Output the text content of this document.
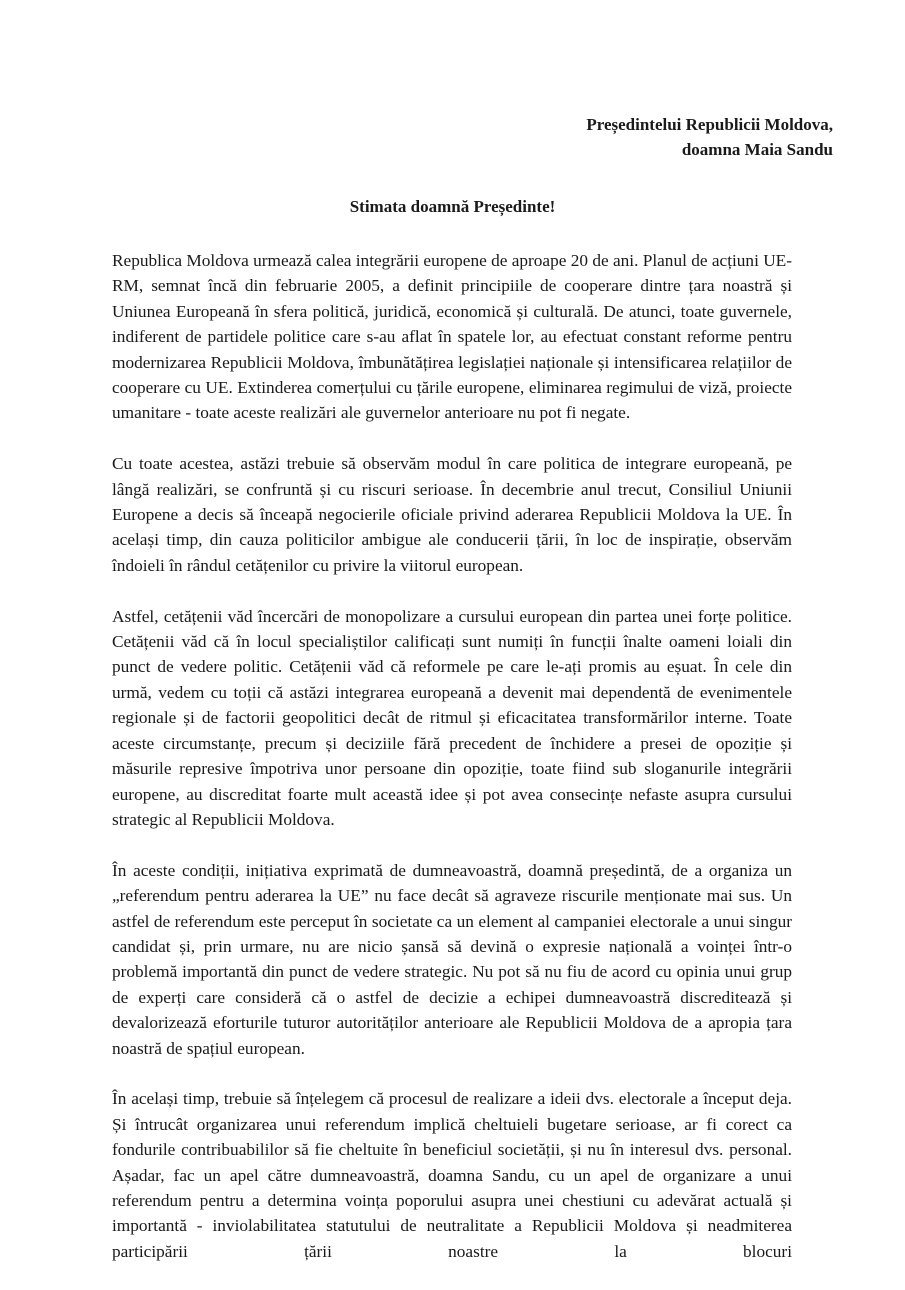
Președintelui Republicii Moldova,
doamna Maia Sandu
Stimata doamnă Președinte!

Republica Moldova urmează calea integrării europene de aproape 20 de ani. Planul de acțiuni UE-RM, semnat încă din februarie 2005, a definit principiile de cooperare dintre țara noastră și Uniunea Europeană în sfera politică, juridică, economică și culturală. De atunci, toate guvernele, indiferent de partidele politice care s-au aflat în spatele lor, au efectuat constant reforme pentru modernizarea Republicii Moldova, îmbunătățirea legislației naționale și intensificarea relațiilor de cooperare cu UE. Extinderea comerțului cu țările europene, eliminarea regimului de viză, proiecte umanitare - toate aceste realizări ale guvernelor anterioare nu pot fi negate.

Cu toate acestea, astăzi trebuie să observăm modul în care politica de integrare europeană, pe lângă realizări, se confruntă și cu riscuri serioase. În decembrie anul trecut, Consiliul Uniunii Europene a decis să înceapă negocierile oficiale privind aderarea Republicii Moldova la UE. În același timp, din cauza politicilor ambigue ale conducerii țării, în loc de inspirație, observăm îndoieli în rândul cetățenilor cu privire la viitorul european.

Astfel, cetățenii văd încercări de monopolizare a cursului european din partea unei forțe politice. Cetățenii văd că în locul specialiștilor calificați sunt numiți în funcții înalte oameni loiali din punct de vedere politic. Cetățenii văd că reformele pe care le-ați promis au eșuat. În cele din urmă, vedem cu toții că astăzi integrarea europeană a devenit mai dependentă de evenimentele regionale și de factorii geopolitici decât de ritmul și eficacitatea transformărilor interne. Toate aceste circumstanțe, precum și deciziile fără precedent de închidere a presei de opoziție și măsurile represive împotriva unor persoane din opoziție, toate fiind sub sloganurile integrării europene, au discreditat foarte mult această idee și pot avea consecințe nefaste asupra cursului strategic al Republicii Moldova.

În aceste condiții, inițiativa exprimată de dumneavoastră, doamnă președintă, de a organiza un „referendum pentru aderarea la UE” nu face decât să agraveze riscurile menționate mai sus. Un astfel de referendum este perceput în societate ca un element al campaniei electorale a unui singur candidat și, prin urmare, nu are nicio șansă să devină o expresie națională a voinței într-o problemă importantă din punct de vedere strategic. Nu pot să nu fiu de acord cu opinia unui grup de experți care consideră că o astfel de decizie a echipei dumneavoastră discreditează și devalorizează eforturile tuturor autorităților anterioare ale Republicii Moldova de a apropia țara noastră de spațiul european.

În același timp, trebuie să înțelegem că procesul de realizare a ideii dvs. electorale a început deja. Și întrucât organizarea unui referendum implică cheltuieli bugetare serioase, ar fi corect ca fondurile contribuabililor să fie cheltuite în beneficiul societății, și nu în interesul dvs. personal. Așadar, fac un apel către dumneavoastră, doamna Sandu, cu un apel de organizare a unui referendum pentru a determina voința poporului asupra unei chestiuni cu adevărat actuală și importantă - inviolabilitatea statutului de neutralitate a Republicii Moldova și neadmiterea participării țării noastre la blocuri
